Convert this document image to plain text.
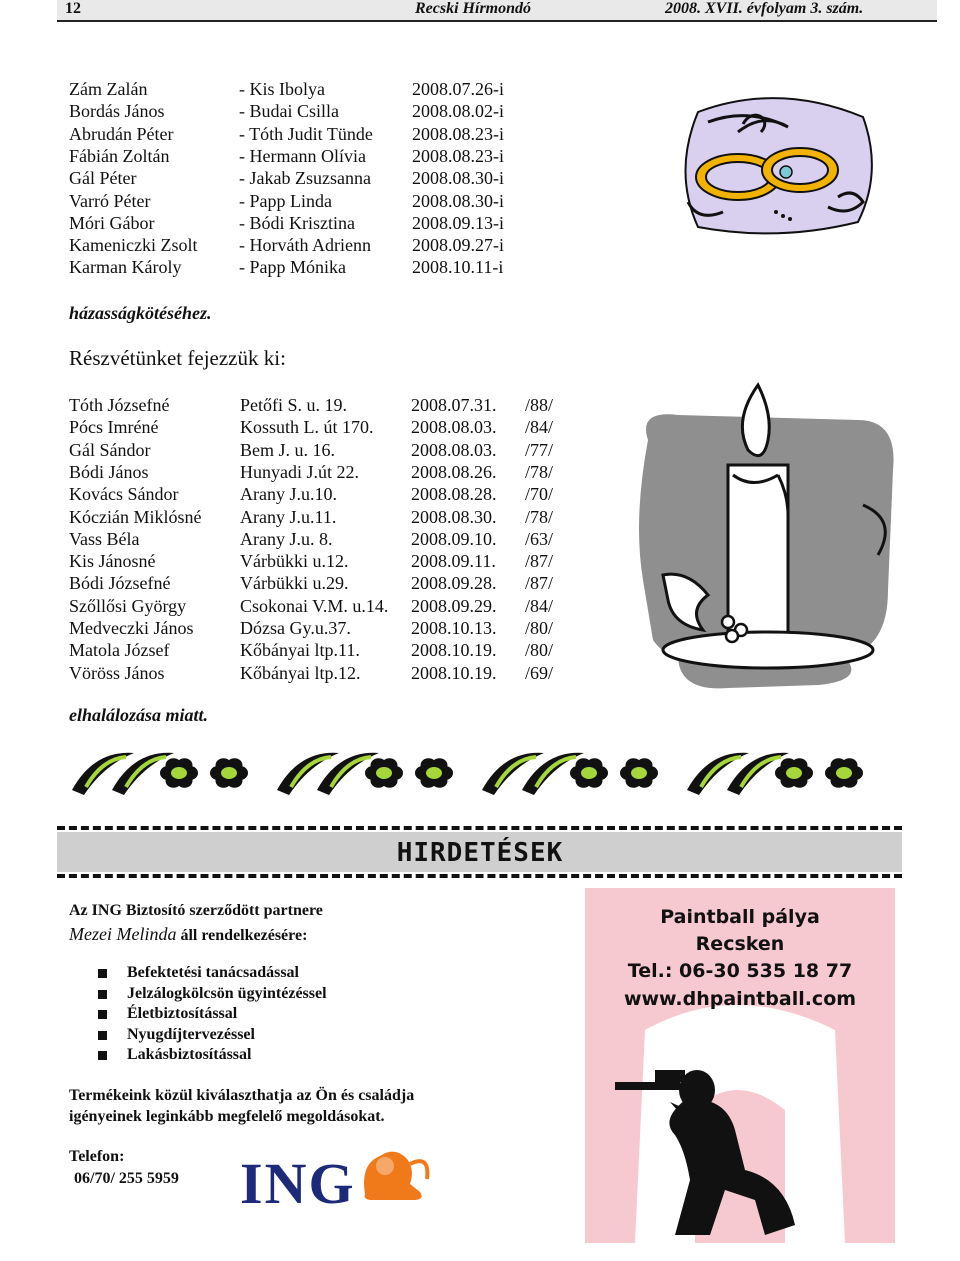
12	Recski Hírmondó	2008. XVII. évfolyam 3. szám.
Zám Zalán	- Kis Ibolya	2008.07.26-i
Bordás János	- Budai Csilla	2008.08.02-i
Abrudán Péter	- Tóth Judit Tünde 2008.08.23-i
Fábián Zoltán	- Hermann Olívia	2008.08.23-i
Gál Péter	- Jakab Zsuzsanna 2008.08.30-i
Varró Péter	- Papp Linda	2008.08.30-i
Móri Gábor	- Bódi Krisztina	2008.09.13-i
Kameniczki Zsolt - Horváth Adrienn 2008.09.27-i
Karman Károly	- Papp Mónika	2008.10.11-i
házasságkötéséhez.
Részvétünket fejezzük ki:
Tóth Józsefné	Petőfi S. u. 19.	2008.07.31. /88/
Pócs Imréné	Kossuth L. út 170. 2008.08.03. /84/
Gál Sándor	Bem J. u. 16.	2008.08.03. /77/
Bódi János	Hunyadi J.út 22.	2008.08.26. /78/
Kovács Sándor	Arany J.u.10.	2008.08.28. /70/
Kóczián Miklósné Arany J.u.11.	2008.08.30. /78/
Vass Béla	Arany J.u. 8.	2008.09.10. /63/
Kis Jánosné	Várbükki u.12.	2008.09.11. /87/
Bódi Józsefné	Várbükki u.29.	2008.09.28. /87/
Szőllősi György	Csokonai V.M. u.14. 2008.09.29. /84/
Medveczki János	Dózsa Gy.u.37.	2008.10.13. /80/
Matola József	Kőbányai ltp.11.	2008.10.19. /80/
Vöröss János	Kőbányai ltp.12.	2008.10.19. /69/
elhalálozása miatt.
HIRDETÉSEK
Az ING Biztosító szerződött partnere
Mezei Melinda áll rendelkezésére:
Befektetési tanácsadással
Jelzálogkölcsön ügyintézéssel
Életbiztosítással
Nyugdíjtervezéssel
Lakásbiztosítással
Termékeink közül kiválaszthatja az Ön és családja
igényeinek leginkább megfelelő megoldásokat.
Telefon:
06/70/ 255 5959 ING
Paintball pálya
Recsken
Tel.: 06-30 535 18 77
www.dhpaintball.com
